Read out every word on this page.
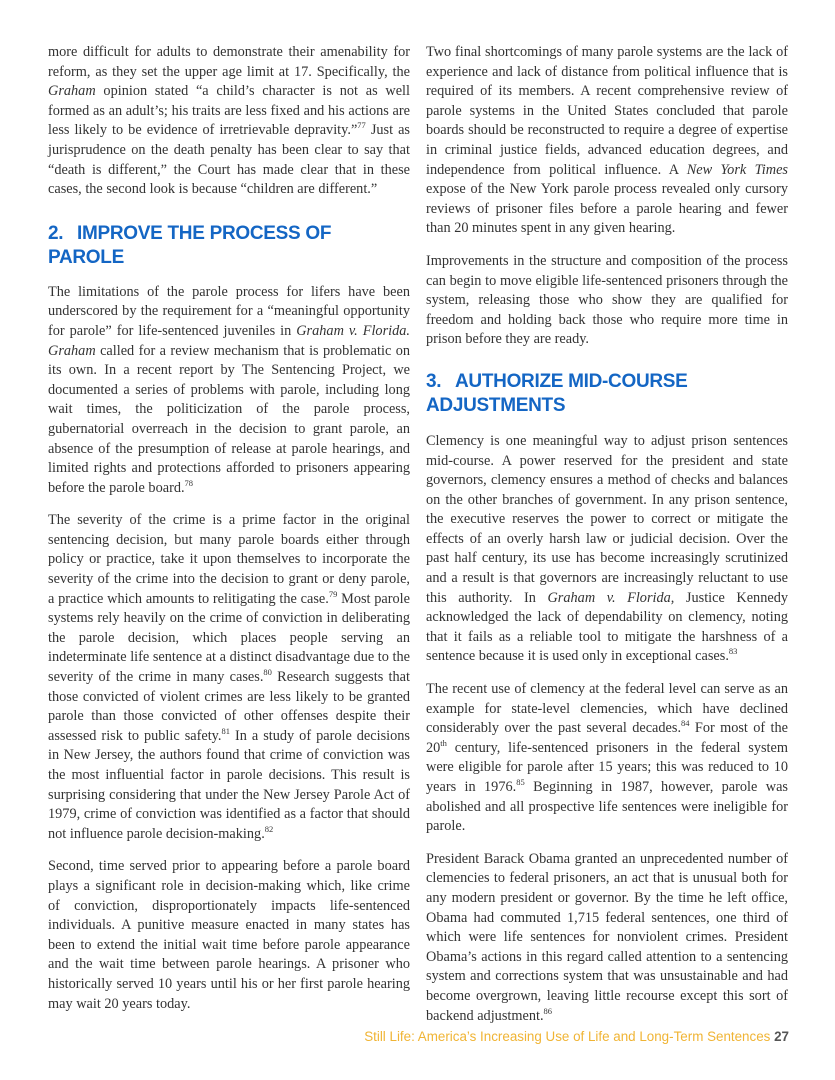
more difficult for adults to demonstrate their amenability for reform, as they set the upper age limit at 17. Specifically, the Graham opinion stated “a child’s character is not as well formed as an adult’s; his traits are less fixed and his actions are less likely to be evidence of irretrievable depravity.”$^{77}$ Just as jurisprudence on the death penalty has been clear to say that “death is different,” the Court has made clear that in these cases, the second look is because “children are different.”

2. IMPROVE THE PROCESS OF PAROLE

The limitations of the parole process for lifers have been underscored by the requirement for a “meaningful opportunity for parole” for life-sentenced juveniles in Graham v. Florida. Graham called for a review mechanism that is problematic on its own. In a recent report by The Sentencing Project, we documented a series of problems with parole, including long wait times, the politicization of the parole process, gubernatorial overreach in the decision to grant parole, an absence of the presumption of release at parole hearings, and limited rights and protections afforded to prisoners appearing before the parole board.$^{78}$

The severity of the crime is a prime factor in the original sentencing decision, but many parole boards either through policy or practice, take it upon themselves to incorporate the severity of the crime into the decision to grant or deny parole, a practice which amounts to relitigating the case.$^{79}$ Most parole systems rely heavily on the crime of conviction in deliberating the parole decision, which places people serving an indeterminate life sentence at a distinct disadvantage due to the severity of the crime in many cases.$^{80}$ Research suggests that those convicted of violent crimes are less likely to be granted parole than those convicted of other offenses despite their assessed risk to public safety.$^{81}$ In a study of parole decisions in New Jersey, the authors found that crime of conviction was the most influential factor in parole decisions. This result is surprising considering that under the New Jersey Parole Act of 1979, crime of conviction was identified as a factor that should not influence parole decision-making.$^{82}$

Second, time served prior to appearing before a parole board plays a significant role in decision-making which, like crime of conviction, disproportionately impacts life-sentenced individuals. A punitive measure enacted in many states has been to extend the initial wait time before parole appearance and the wait time between parole hearings. A prisoner who historically served 10 years until his or her first parole hearing may wait 20 years today.

Two final shortcomings of many parole systems are the lack of experience and lack of distance from political influence that is required of its members. A recent comprehensive review of parole systems in the United States concluded that parole boards should be reconstructed to require a degree of expertise in criminal justice fields, advanced education degrees, and independence from political influence. A New York Times expose of the New York parole process revealed only cursory reviews of prisoner files before a parole hearing and fewer than 20 minutes spent in any given hearing.

Improvements in the structure and composition of the process can begin to move eligible life-sentenced prisoners through the system, releasing those who show they are qualified for freedom and holding back those who require more time in prison before they are ready.

3. AUTHORIZE MID-COURSE ADJUSTMENTS

Clemency is one meaningful way to adjust prison sentences mid-course. A power reserved for the president and state governors, clemency ensures a method of checks and balances on the other branches of government. In any prison sentence, the executive reserves the power to correct or mitigate the effects of an overly harsh law or judicial decision. Over the past half century, its use has become increasingly scrutinized and a result is that governors are increasingly reluctant to use this authority. In Graham v. Florida, Justice Kennedy acknowledged the lack of dependability on clemency, noting that it fails as a reliable tool to mitigate the harshness of a sentence because it is used only in exceptional cases.$^{83}$

The recent use of clemency at the federal level can serve as an example for state-level clemencies, which have declined considerably over the past several decades.$^{84}$ For most of the 20th century, life-sentenced prisoners in the federal system were eligible for parole after 15 years; this was reduced to 10 years in 1976.85 Beginning in 1987, however, parole was abolished and all prospective life sentences were ineligible for parole.

President Barack Obama granted an unprecedented number of clemencies to federal prisoners, an act that is unusual both for any modern president or governor. By the time he left office, Obama had commuted 1,715 federal sentences, one third of which were life sentences for nonviolent crimes. President Obama’s actions in this regard called attention to a sentencing system and corrections system that was unsustainable and had become overgrown, leaving little recourse except this sort of backend adjustment.$^{86}$

Still Life: America’s Increasing Use of Life and Long-Term Sentences 27
